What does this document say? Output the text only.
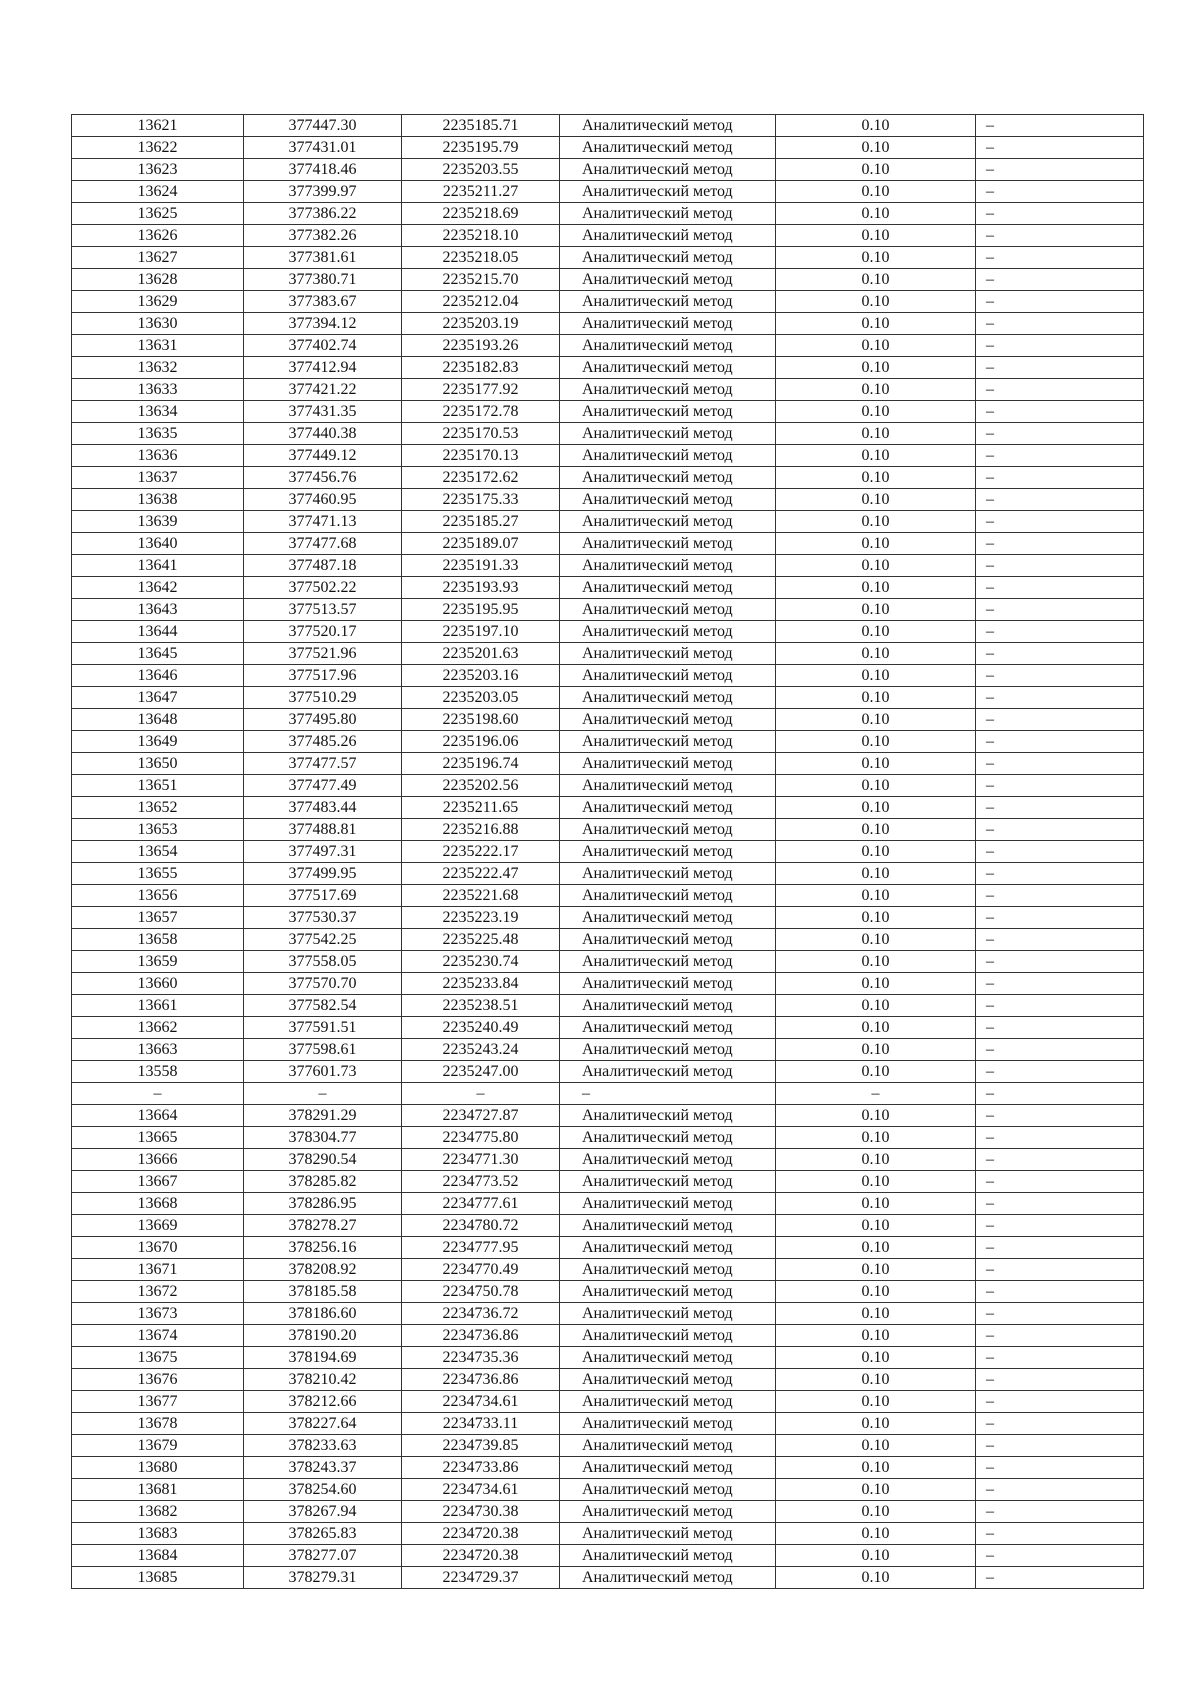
13621	377447.30	2235185.71	Аналитический метод	0.10	–
13622	377431.01	2235195.79	Аналитический метод	0.10	–
13623	377418.46	2235203.55	Аналитический метод	0.10	–
13624	377399.97	2235211.27	Аналитический метод	0.10	–
13625	377386.22	2235218.69	Аналитический метод	0.10	–
13626	377382.26	2235218.10	Аналитический метод	0.10	–
13627	377381.61	2235218.05	Аналитический метод	0.10	–
13628	377380.71	2235215.70	Аналитический метод	0.10	–
13629	377383.67	2235212.04	Аналитический метод	0.10	–
13630	377394.12	2235203.19	Аналитический метод	0.10	–
13631	377402.74	2235193.26	Аналитический метод	0.10	–
13632	377412.94	2235182.83	Аналитический метод	0.10	–
13633	377421.22	2235177.92	Аналитический метод	0.10	–
13634	377431.35	2235172.78	Аналитический метод	0.10	–
13635	377440.38	2235170.53	Аналитический метод	0.10	–
13636	377449.12	2235170.13	Аналитический метод	0.10	–
13637	377456.76	2235172.62	Аналитический метод	0.10	–
13638	377460.95	2235175.33	Аналитический метод	0.10	–
13639	377471.13	2235185.27	Аналитический метод	0.10	–
13640	377477.68	2235189.07	Аналитический метод	0.10	–
13641	377487.18	2235191.33	Аналитический метод	0.10	–
13642	377502.22	2235193.93	Аналитический метод	0.10	–
13643	377513.57	2235195.95	Аналитический метод	0.10	–
13644	377520.17	2235197.10	Аналитический метод	0.10	–
13645	377521.96	2235201.63	Аналитический метод	0.10	–
13646	377517.96	2235203.16	Аналитический метод	0.10	–
13647	377510.29	2235203.05	Аналитический метод	0.10	–
13648	377495.80	2235198.60	Аналитический метод	0.10	–
13649	377485.26	2235196.06	Аналитический метод	0.10	–
13650	377477.57	2235196.74	Аналитический метод	0.10	–
13651	377477.49	2235202.56	Аналитический метод	0.10	–
13652	377483.44	2235211.65	Аналитический метод	0.10	–
13653	377488.81	2235216.88	Аналитический метод	0.10	–
13654	377497.31	2235222.17	Аналитический метод	0.10	–
13655	377499.95	2235222.47	Аналитический метод	0.10	–
13656	377517.69	2235221.68	Аналитический метод	0.10	–
13657	377530.37	2235223.19	Аналитический метод	0.10	–
13658	377542.25	2235225.48	Аналитический метод	0.10	–
13659	377558.05	2235230.74	Аналитический метод	0.10	–
13660	377570.70	2235233.84	Аналитический метод	0.10	–
13661	377582.54	2235238.51	Аналитический метод	0.10	–
13662	377591.51	2235240.49	Аналитический метод	0.10	–
13663	377598.61	2235243.24	Аналитический метод	0.10	–
13558	377601.73	2235247.00	Аналитический метод	0.10	–
–	–	–	–	–	–
13664	378291.29	2234727.87	Аналитический метод	0.10	–
13665	378304.77	2234775.80	Аналитический метод	0.10	–
13666	378290.54	2234771.30	Аналитический метод	0.10	–
13667	378285.82	2234773.52	Аналитический метод	0.10	–
13668	378286.95	2234777.61	Аналитический метод	0.10	–
13669	378278.27	2234780.72	Аналитический метод	0.10	–
13670	378256.16	2234777.95	Аналитический метод	0.10	–
13671	378208.92	2234770.49	Аналитический метод	0.10	–
13672	378185.58	2234750.78	Аналитический метод	0.10	–
13673	378186.60	2234736.72	Аналитический метод	0.10	–
13674	378190.20	2234736.86	Аналитический метод	0.10	–
13675	378194.69	2234735.36	Аналитический метод	0.10	–
13676	378210.42	2234736.86	Аналитический метод	0.10	–
13677	378212.66	2234734.61	Аналитический метод	0.10	–
13678	378227.64	2234733.11	Аналитический метод	0.10	–
13679	378233.63	2234739.85	Аналитический метод	0.10	–
13680	378243.37	2234733.86	Аналитический метод	0.10	–
13681	378254.60	2234734.61	Аналитический метод	0.10	–
13682	378267.94	2234730.38	Аналитический метод	0.10	–
13683	378265.83	2234720.38	Аналитический метод	0.10	–
13684	378277.07	2234720.38	Аналитический метод	0.10	–
13685	378279.31	2234729.37	Аналитический метод	0.10	–
